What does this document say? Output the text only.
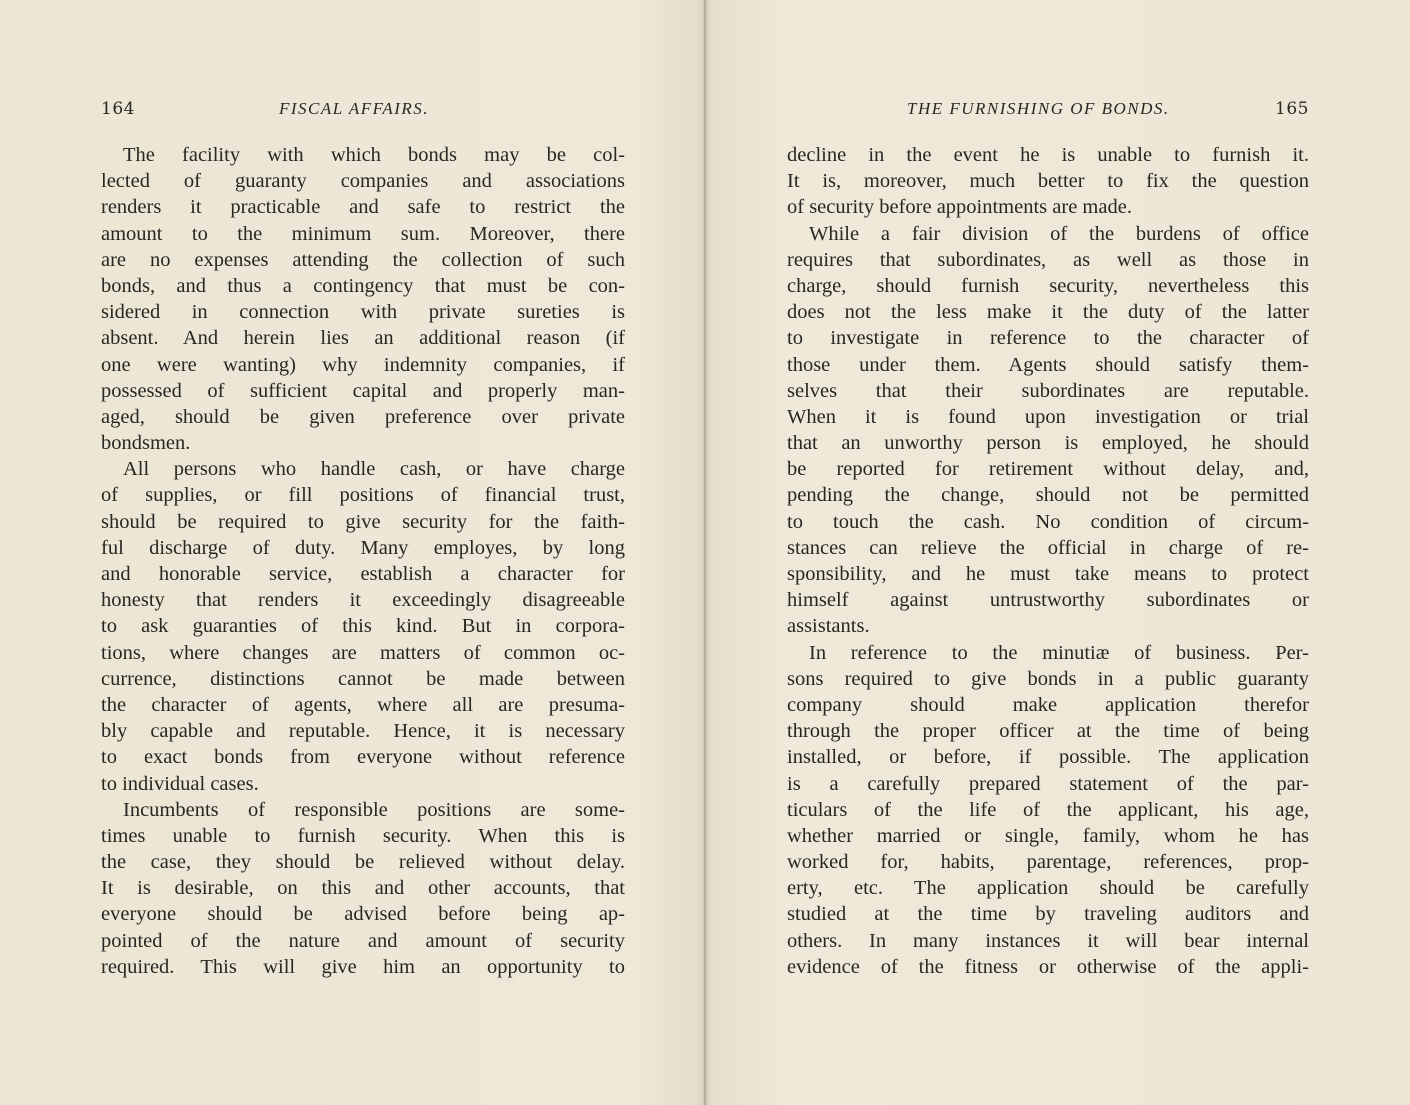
164	FISCAL AFFAIRS.
The facility with which bonds may be col-
lected of guaranty companies and associations
renders it practicable and safe to restrict the
amount to the minimum sum. Moreover, there
are no expenses attending the collection of such
bonds, and thus a contingency that must be con-
sidered in connection with private sureties is
absent. And herein lies an additional reason (if
one were wanting) why indemnity companies, if
possessed of sufficient capital and properly man-
aged, should be given preference over private
bondsmen.
All persons who handle cash, or have charge
of supplies, or fill positions of financial trust,
should be required to give security for the faith-
ful discharge of duty. Many employes, by long
and honorable service, establish a character for
honesty that renders it exceedingly disagreeable
to ask guaranties of this kind. But in corpora-
tions, where changes are matters of common oc-
currence, distinctions cannot be made between
the character of agents, where all are presuma-
bly capable and reputable. Hence, it is necessary
to exact bonds from everyone without reference
to individual cases.
Incumbents of responsible positions are some-
times unable to furnish security. When this is
the case, they should be relieved without delay.
It is desirable, on this and other accounts, that
everyone should be advised before being ap-
pointed of the nature and amount of security
required. This will give him an opportunity to
THE FURNISHING OF BONDS.	165
decline in the event he is unable to furnish it.
It is, moreover, much better to fix the question
of security before appointments are made.
While a fair division of the burdens of office
requires that subordinates, as well as those in
charge, should furnish security, nevertheless this
does not the less make it the duty of the latter
to investigate in reference to the character of
those under them. Agents should satisfy them-
selves that their subordinates are reputable.
When it is found upon investigation or trial
that an unworthy person is employed, he should
be reported for retirement without delay, and,
pending the change, should not be permitted
to touch the cash. No condition of circum-
stances can relieve the official in charge of re-
sponsibility, and he must take means to protect
himself against untrustworthy subordinates or
assistants.
In reference to the minutiæ of business. Per-
sons required to give bonds in a public guaranty
company should make application therefor
through the proper officer at the time of being
installed, or before, if possible. The application
is a carefully prepared statement of the par-
ticulars of the life of the applicant, his age,
whether married or single, family, whom he has
worked for, habits, parentage, references, prop-
erty, etc. The application should be carefully
studied at the time by traveling auditors and
others. In many instances it will bear internal
evidence of the fitness or otherwise of the appli-
